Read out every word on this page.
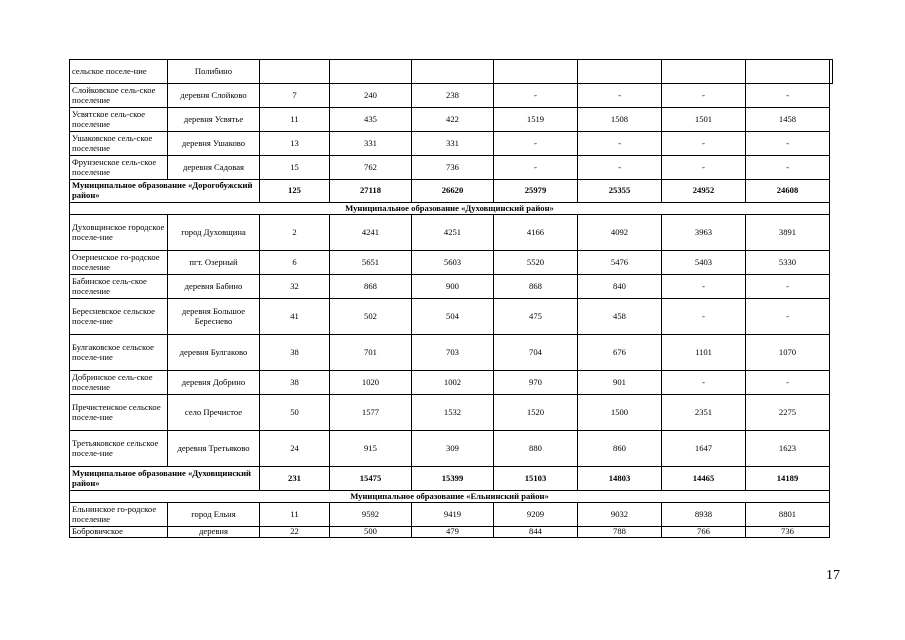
сельское поселе-ние	Полибино								
Слойковское сель-ское поселение	деревня Слойково	7	240	238	-	-	-	-	
Усвятское сель-ское поселение	деревня Усвятье	11	435	422	1519	1508	1501	1458	
Ушаковское сель-ское поселение	деревня Ушаково	13	331	331	-	-	-	-	
Фрунзенское сель-ское поселение	деревня Садовая	15	762	736	-	-	-	-	
Муниципальное образование «Дорогобужский район»		125	27118	26620	25979	25355	24952	24608	
Муниципальное образование «Духовщинский район»									
Духовщинское городское поселе-ние	город Духовщина	2	4241	4251	4166	4092	3963	3891	
Озерненское го-родское поселение	пгт. Озерный	6	5651	5603	5520	5476	5403	5330	
Бабинское сель-ское поселение	деревня Бабино	32	868	900	868	840	-	-	
Бересневское сельское поселе-ние	деревня Большое Береснево	41	502	504	475	458	-	-	
Булгаковское сельское поселе-ние	деревня Булгаково	38	701	703	704	676	1101	1070	
Добринское сель-ское поселение	деревня Добрино	38	1020	1002	970	901	-	-	
Пречистенское сельское поселе-ние	село Пречистое	50	1577	1532	1520	1500	2351	2275	
Третьяковское сельское поселе-ние	деревня Третьяково	24	915	309	880	860	1647	1623	
Муниципальное образование «Духовщинский район»		231	15475	15399	15103	14803	14465	14189	
Муниципальное образование «Ельнинский район»									
Ельнинское го-родское поселение	город Ельня	11	9592	9419	9209	9032	8938	8801	
Бобровичское	деревня	22	500	479	844	788	766	736	
17
